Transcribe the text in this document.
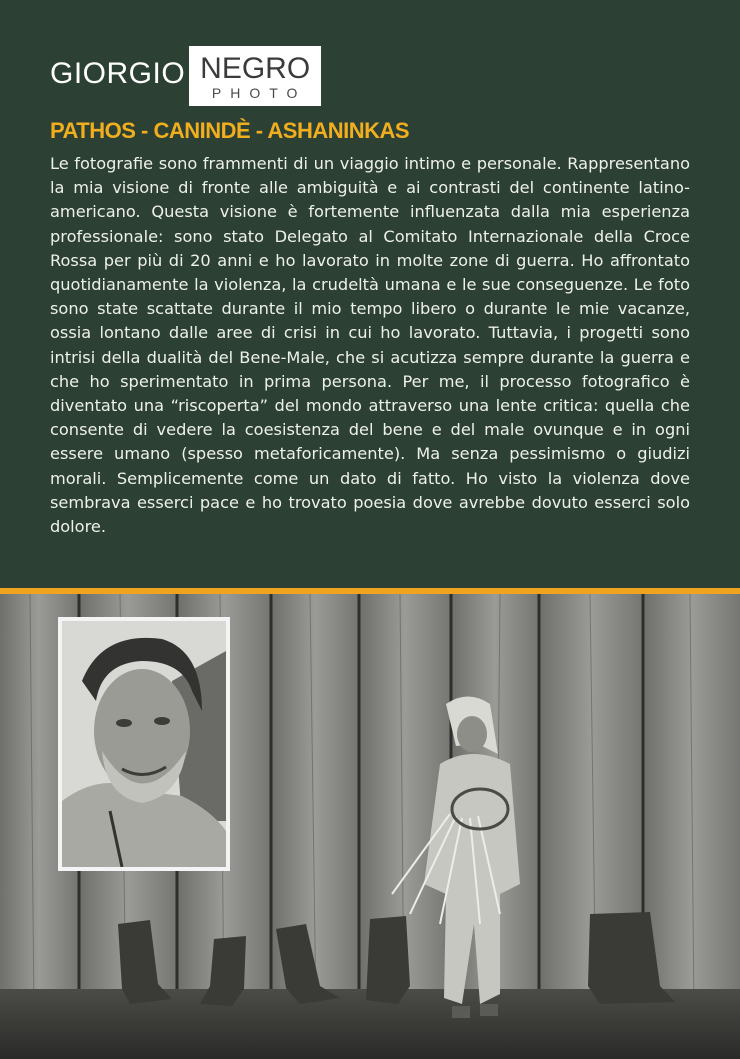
GIORGIO NEGRO
PHOTO
PATHOS - CANINDÈ - ASHANINKAS

Le fotografie sono frammenti di un viaggio intimo e personale. Rappresentano la mia visione di fronte alle ambiguità e ai contrasti del continente latino-americano. Questa visione è fortemente influenzata dalla mia esperienza professionale: sono stato Delegato al Comitato Internazionale della Croce Rossa per più di 20 anni e ho lavorato in molte zone di guerra. Ho affrontato quotidianamente la violenza, la crudeltà umana e le sue conseguenze. Le foto sono state scattate durante il mio tempo libero o durante le mie vacanze, ossia lontano dalle aree di crisi in cui ho lavorato. Tuttavia, i progetti sono intrisi della dualità del Bene-Male, che si acutizza sempre durante la guerra e che ho sperimentato in prima persona. Per me, il processo fotografico è diventato una “riscoperta” del mondo attraverso una lente critica: quella che consente di vedere la coesistenza del bene e del male ovunque e in ogni essere umano (spesso metaforicamente). Ma senza pessimismo o giudizi morali. Semplicemente come un dato di fatto. Ho visto la violenza dove sembrava esserci pace e ho trovato poesia dove avrebbe dovuto esserci solo dolore.
